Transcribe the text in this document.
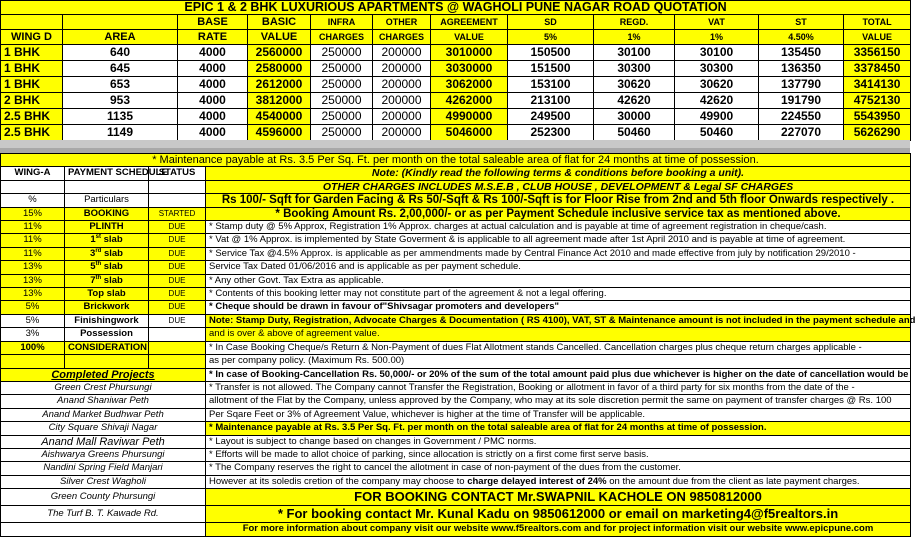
EPIC 1 & 2 BHK LUXURIOUS APARTMENTS @ WAGHOLI PUNE NAGAR ROAD QUOTATION											
		BASE	BASIC	INFRA	OTHER	AGREEMENT	SD	REGD.	VAT	ST	TOTAL
WING D	AREA	RATE	VALUE	CHARGES	CHARGES	VALUE	5%	1%	1%	4.50%	VALUE
1 BHK	640	4000	2560000	250000	200000	3010000	150500	30100	30100	135450	3356150
1 BHK	645	4000	2580000	250000	200000	3030000	151500	30300	30300	136350	3378450
1 BHK	653	4000	2612000	250000	200000	3062000	153100	30620	30620	137790	3414130
2 BHK	953	4000	3812000	250000	200000	4262000	213100	42620	42620	191790	4752130
2.5 BHK	1135	4000	4540000	250000	200000	4990000	249500	30000	49900	224550	5543950
2.5 BHK	1149	4000	4596000	250000	200000	5046000	252300	50460	50460	227070	5626290
* Maintenance payable at Rs. 3.5 Per Sq. Ft. per month on the total saleable area of flat for 24 months at time of possession.			
WING-A	PAYMENT SCHEDULE	STATUS	Note: (Kindly read the following terms & conditions before booking a unit).
			OTHER CHARGES INCLUDES M.S.E.B , CLUB HOUSE , DEVELOPMENT & Legal SF CHARGES
%	Particulars		Rs 100/- Sqft for Garden Facing & Rs 50/-Sqft & Rs 100/-Sqft is for Floor Rise from 2nd and 5th floor Onwards respectively .
15%	BOOKING	STARTED	* Booking Amount Rs. 2,00,000/- or as per Payment Schedule inclusive service tax as mentioned above.
11%	PLINTH	DUE	* Stamp duty @ 5% Approx, Registration 1% Approx. charges at actual calculation and is payable at time of agreement registration in cheque/cash.
11%	1st slab	DUE	* Vat @ 1% Approx. is implemented by State Goverment & is applicable to all agreement made after 1st April 2010 and is payable at time of agreement.
11%	3rd slab	DUE	* Service Tax @4.5% Approx. is applicable as per ammendments made by Central Finance Act 2010 and made effective from july by notification 29/2010 -
13%	5th slab	DUE	Service Tax Dated 01/06/2016 and is applicable as per payment schedule.
13%	7th slab	DUE	* Any other Govt. Tax Extra as applicable.
13%	Top slab	DUE	* Contents of this booking letter may not constitute part of the agreement & not a legal offering.
5%	Brickwork	DUE	* Cheque should be drawn in favour of"Shivsagar promoters and developers"
5%	Finishingwork	DUE	Note: Stamp Duty, Registration, Advocate Charges & Documentation ( RS 4100), VAT, ST & Maintenance amount is not included in the payment schedule and
3%	Possession		and is over & above of agreement value.
100%	CONSIDERATION		* In Case Booking Cheque/s Return & Non-Payment of dues Flat Allotment stands Cancelled. Cancellation charges plus cheque return charges applicable -
			as per company policy. (Maximum Rs. 500.00)
Completed Projects			* In case of Booking-Cancellation Rs. 50,000/- or 20% of the sum of the total amount paid plus due whichever is higher on the date of cancellation would be
Green Crest Phursungi			* Transfer is not allowed. The Company cannot Transfer the Registration, Booking or allotment in favor of a third party for six months from the date of the -
Anand Shaniwar Peth			allotment of the Flat by the Company, unless approved by the Company, who may at its sole discretion permit the same on payment of transfer charges @ Rs. 100
Anand Market Budhwar Peth			Per Sqare Feet or 3% of Agreement Value, whichever is higher at the time of Transfer will be applicable.
City Square Shivaji Nagar			* Maintenance payable at Rs. 3.5 Per Sq. Ft. per month on the total saleable area of flat for 24 months at time of possession.
Anand Mall Raviwar Peth			* Layout is subject to change based on changes in Government / PMC norms.
Aishwarya Greens Phursungi			* Efforts will be made to allot choice of parking, since allocation is strictly on a first come first serve basis.
Nandini Spring Field Manjari			* The Company reserves the right to cancel the allotment in case of non-payment of the dues from the customer.
Silver Crest Wagholi			However at its soledis cretion of the company may choose to charge delayed interest of 24% on the amount due from the client as late payment charges.
Green County Phursungi			FOR BOOKING CONTACT Mr.SWAPNIL KACHOLE ON 9850812000
The Turf B. T. Kawade Rd.			* For booking contact Mr. Kunal Kadu on 9850612000 or email on marketing4@f5realtors.in
			For more information about company visit our website www.f5realtors.com and for project information visit our website www.epicpune.com
